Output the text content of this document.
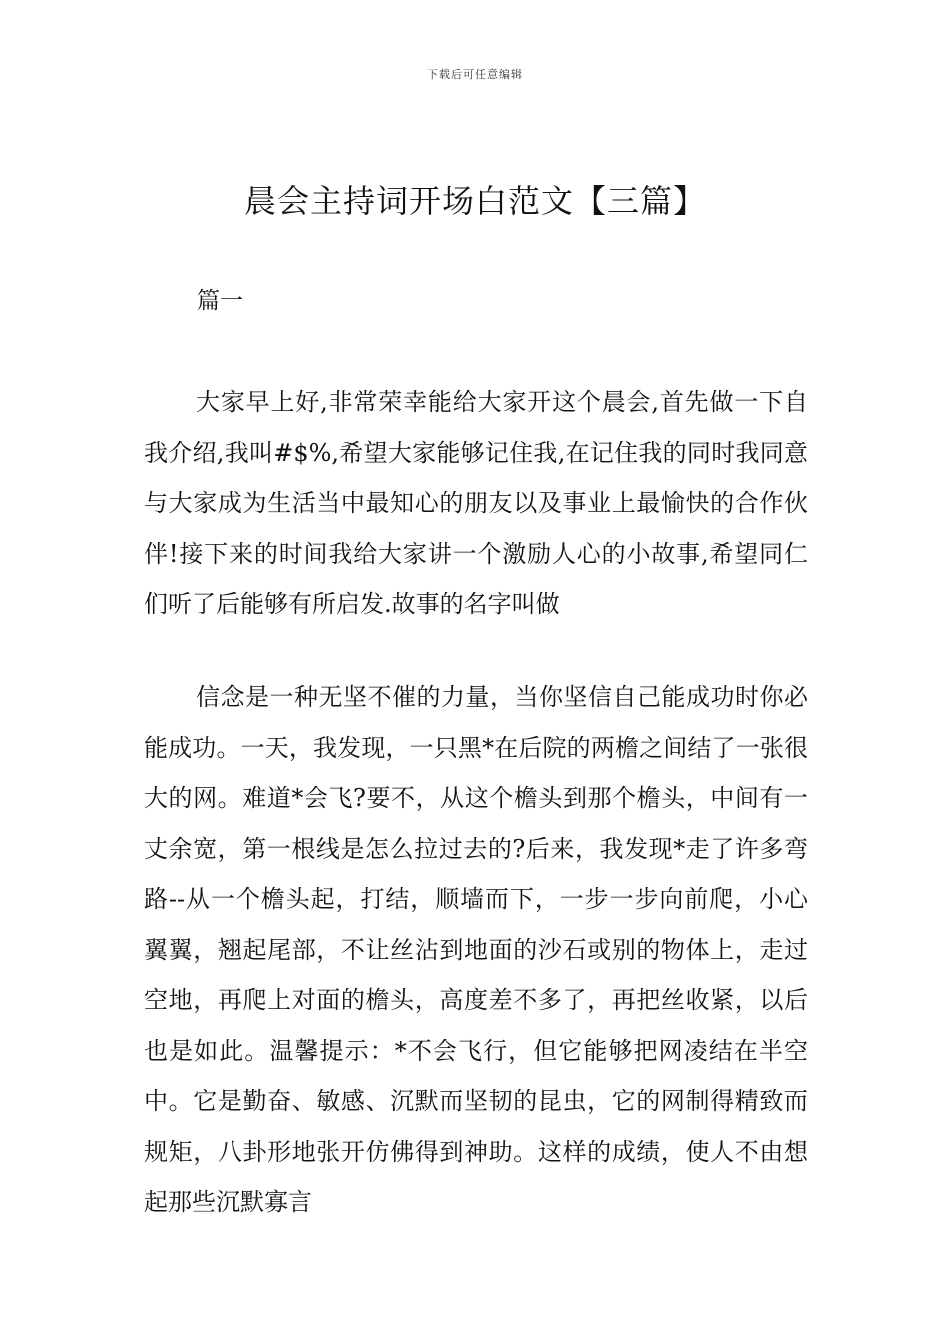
下载后可任意编辑
晨会主持词开场白范文【三篇】
篇一

大家早上好,非常荣幸能给大家开这个晨会,首先做一下自我介绍,我叫#$%,希望大家能够记住我,在记住我的同时我同意与大家成为生活当中最知心的朋友以及事业上最愉快的合作伙伴!接下来的时间我给大家讲一个激励人心的小故事,希望同仁们听了后能够有所启发.故事的名字叫做

信念是一种无坚不催的力量，当你坚信自己能成功时你必能成功。一天，我发现，一只黑*在后院的两檐之间结了一张很大的网。难道*会飞?要不，从这个檐头到那个檐头，中间有一丈余宽，第一根线是怎么拉过去的?后来，我发现*走了许多弯路--从一个檐头起，打结，顺墙而下，一步一步向前爬，小心翼翼，翘起尾部，不让丝沾到地面的沙石或别的物体上，走过空地，再爬上对面的檐头，高度差不多了，再把丝收紧，以后也是如此。温馨提示：*不会飞行，但它能够把网凌结在半空中。它是勤奋、敏感、沉默而坚韧的昆虫，它的网制得精致而规矩，八卦形地张开仿佛得到神助。这样的成绩，使人不由想起那些沉默寡言
